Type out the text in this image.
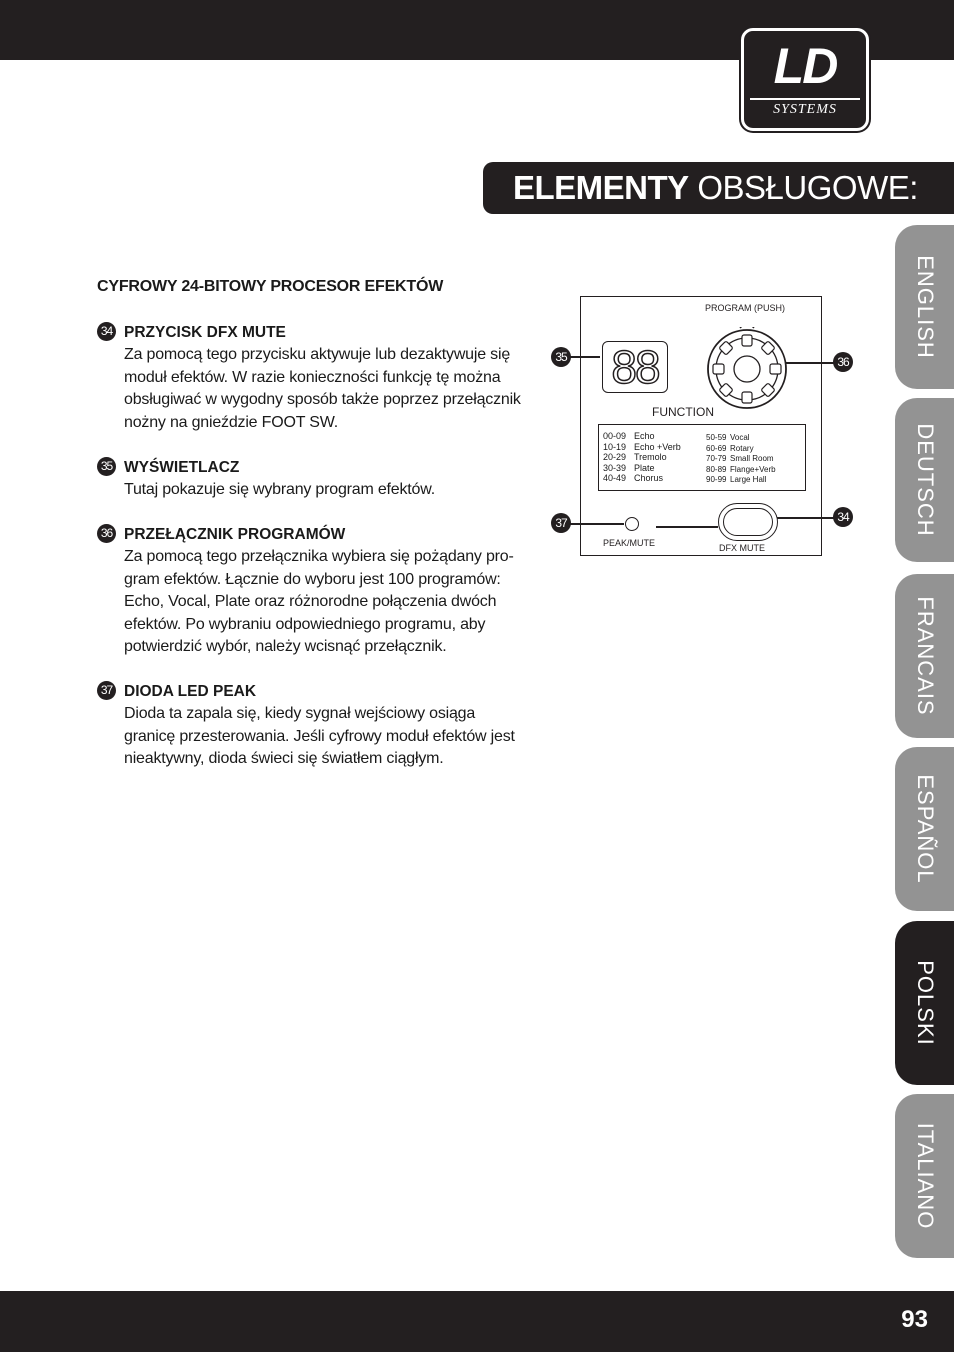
LD
SYSTEMS
ELEMENTY OBSŁUGOWE:
ENGLISH
DEUTSCH
FRANCAIS
ESPAÑOL
POLSKI
ITALIANO
CYFROWY 24-BITOWY PROCESOR EFEKTÓW
34 PRZYCISK DFX MUTE
Za pomocą tego przycisku aktywuje lub dezaktywuje się
moduł efektów. W razie konieczności funkcję tę można
obsługiwać w wygodny sposób także poprzez przełącznik
nożny na gnieździe FOOT SW.
35 WYŚWIETLACZ
Tutaj pokazuje się wybrany program efektów.
36 PRZEŁĄCZNIK PROGRAMÓW
Za pomocą tego przełącznika wybiera się pożądany pro-
gram efektów. Łącznie do wyboru jest 100 programów:
Echo, Vocal, Plate oraz różnorodne połączenia dwóch
efektów. Po wybraniu odpowiedniego programu, aby
potwierdzić wybór, należy wcisnąć przełącznik.
37 DIODA LED PEAK
Dioda ta zapala się, kiedy sygnał wejściowy osiąga
granicę przesterowania. Jeśli cyfrowy moduł efektów jest
nieaktywny, dioda świeci się światłem ciągłym.
PROGRAM (PUSH)
88
FUNCTION
00-09 Echo
10-19 Echo +Verb
20-29 Tremolo
30-39 Plate
40-49 Chorus
50-59 Vocal
60-69 Rotary
70-79 Small Room
80-89 Flange+Verb
90-99 Large Hall
PEAK/MUTE	DFX MUTE
35	36
37	34
93
